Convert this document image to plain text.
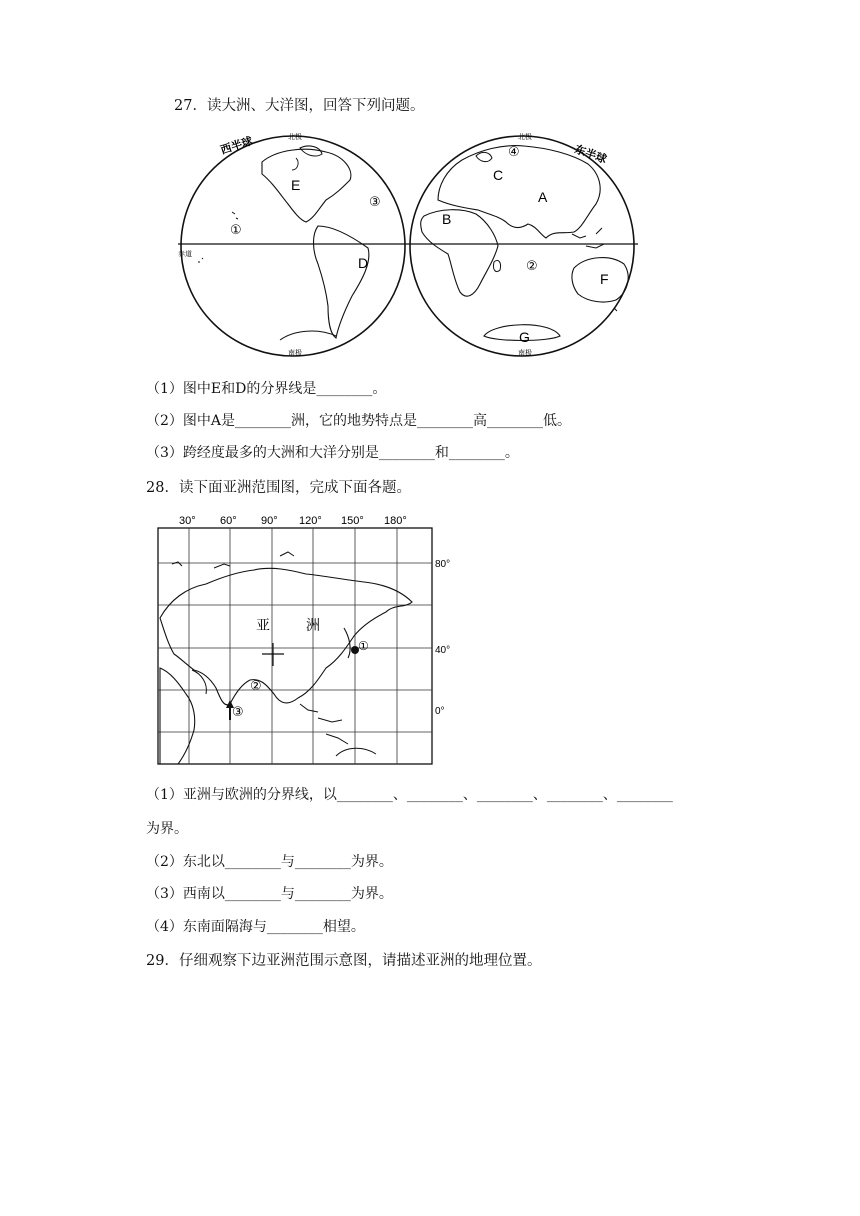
27．读大洲、大洋图，回答下列问题。
西半球	东半球
北极	北极
南极	南极
赤道
E
D
C
A
B
F
G
①
②
③
④
（1）图中E和D的分界线是________。
（2）图中A是________洲，它的地势特点是________高________低。
（3）跨经度最多的大洲和大洋分别是________和________。
28．读下面亚洲范围图，完成下面各题。
30° 60° 90° 120° 150° 180°
80°
40°
0°
亚	洲
①
②
③
（1）亚洲与欧洲的分界线，以________、________、________、________、________
为界。
（2）东北以________与________为界。
（3）西南以________与________为界。
（4）东南面隔海与________相望。
29．仔细观察下边亚洲范围示意图，请描述亚洲的地理位置。
